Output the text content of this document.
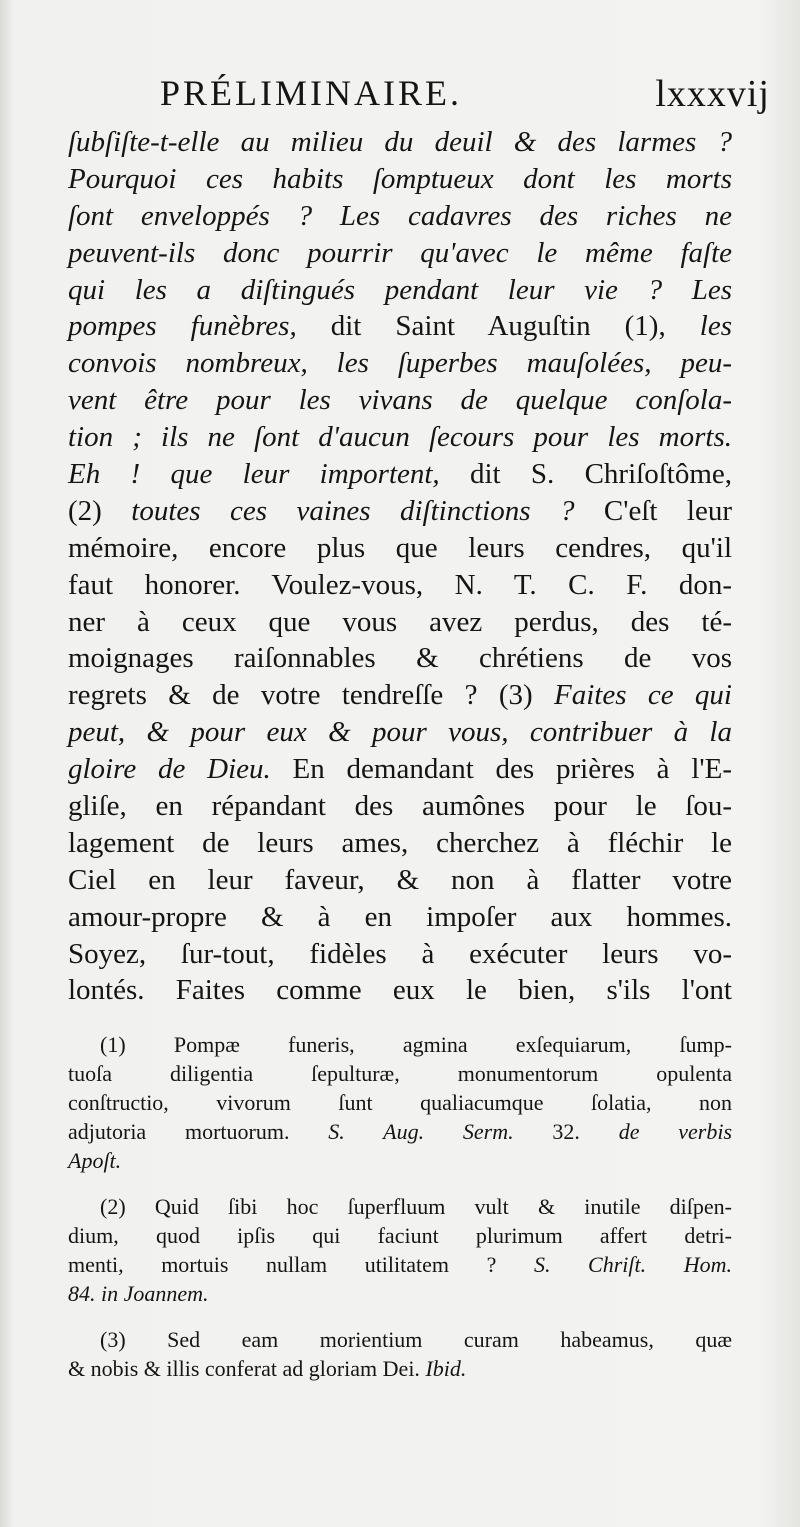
PRÉLIMINAIRE.	lxxxvij
ſubſiſte-t-elle au milieu du deuil & des larmes ?
Pourquoi ces habits ſomptueux dont les morts
ſont enveloppés ? Les cadavres des riches ne
peuvent-ils donc pourrir qu'avec le même faſte
qui les a diſtingués pendant leur vie ? Les
pompes funèbres, dit Saint Auguſtin (1), les
convois nombreux, les ſuperbes mauſolées, peu-
vent être pour les vivans de quelque conſola-
tion ; ils ne ſont d'aucun ſecours pour les morts.
Eh ! que leur importent, dit S. Chriſoſtôme,
(2) toutes ces vaines diſtinctions ? C'eſt leur
mémoire, encore plus que leurs cendres, qu'il
faut honorer. Voulez-vous, N. T. C. F. don-
ner à ceux que vous avez perdus, des té-
moignages raiſonnables & chrétiens de vos
regrets & de votre tendreſſe ? (3) Faites ce qui
peut, & pour eux & pour vous, contribuer à la
gloire de Dieu. En demandant des prières à l'E-
gliſe, en répandant des aumônes pour le ſou-
lagement de leurs ames, cherchez à fléchir le
Ciel en leur faveur, & non à flatter votre
amour-propre & à en impoſer aux hommes.
Soyez, ſur-tout, fidèles à exécuter leurs vo-
lontés. Faites comme eux le bien, s'ils l'ont
(1) Pompæ funeris, agmina exſequiarum, ſump-
tuoſa diligentia ſepulturæ, monumentorum opulenta
conſtructio, vivorum ſunt qualiacumque ſolatia, non
adjutoria mortuorum. S. Aug. Serm. 32. de verbis
Apoſt.
(2) Quid ſibi hoc ſuperfluum vult & inutile diſpen-
dium, quod ipſis qui faciunt plurimum affert detri-
menti, mortuis nullam utilitatem ? S. Chriſt. Hom.
84. in Joannem.
(3) Sed eam morientium curam habeamus, quæ
& nobis & illis conferat ad gloriam Dei. Ibid.
